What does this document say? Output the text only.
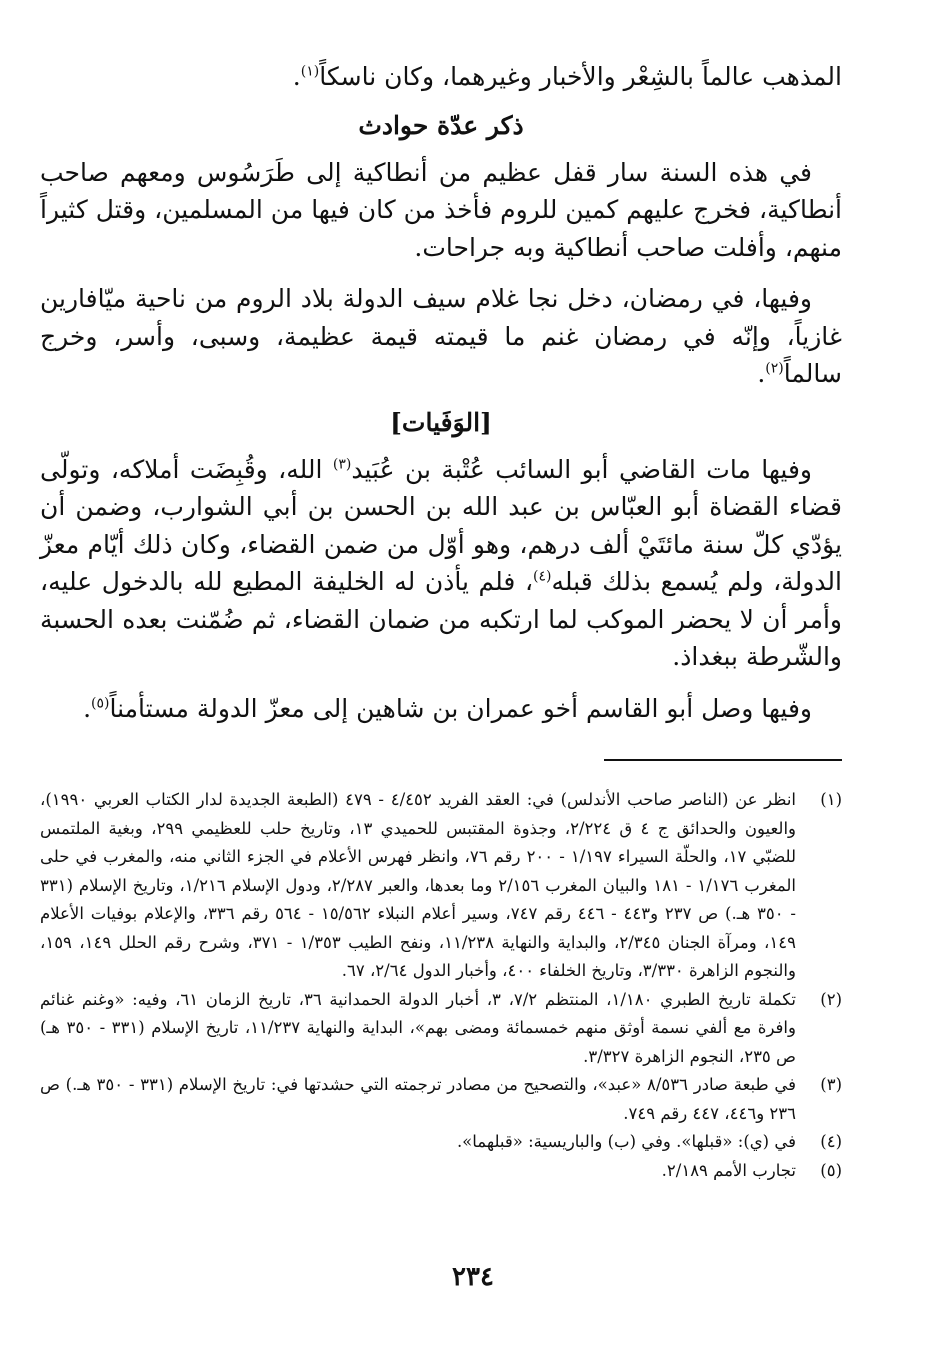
المذهب عالماً بالشِعْر والأخبار وغيرهما، وكان ناسكاً$^{(١)}$.

ذكر عدّة حوادث

في هذه السنة سار قفل عظيم من أنطاكية إلى طَرَسُوس ومعهم صاحب أنطاكية، فخرج عليهم كمين للروم فأخذ من كان فيها من المسلمين، وقتل كثيراً منهم، وأفلت صاحب أنطاكية وبه جراحات.

وفيها، في رمضان، دخل نجا غلام سيف الدولة بلاد الروم من ناحية ميّافارين غازياً، وإنّه في رمضان غنم ما قيمته قيمة عظيمة، وسبى، وأسر، وخرج سالماً$^{(٢)}$.

[الوَفَيات]

وفيها مات القاضي أبو السائب عُتْبة بن عُبَيد$^{(٣)}$ الله، وقُبِضَت أملاكه، وتولّى قضاء القضاة أبو العبّاس بن عبد الله بن الحسن بن أبي الشوارب، وضمن أن يؤدّي كلّ سنة مائتَيْ ألف درهم، وهو أوّل من ضمن القضاء، وكان ذلك أيّام معزّ الدولة، ولم يُسمع بذلك قبله$^{(٤)}$، فلم يأذن له الخليفة المطيع لله بالدخول عليه، وأمر أن لا يحضر الموكب لما ارتكبه من ضمان القضاء، ثم ضُمّنت بعده الحسبة والشّرطة ببغداذ.

وفيها وصل أبو القاسم أخو عمران بن شاهين إلى معزّ الدولة مستأمناً$^{(٥)}$.

(١)
انظر عن (الناصر صاحب الأندلس) في: العقد الفريد ٤/٤٥٢ - ٤٧٩ (الطبعة الجديدة لدار الكتاب العربي ١٩٩٠)، والعيون والحدائق ج ٤ ق ٢/٢٢٤، وجذوة المقتبس للحميدي ١٣، وتاريخ حلب للعظيمي ٢٩٩، وبغية الملتمس للضبّي ١٧، والحلّة السيراء ١/١٩٧ - ٢٠٠ رقم ٧٦، وانظر فهرس الأعلام في الجزء الثاني منه، والمغرب في حلى المغرب ١/١٧٦ - ١٨١ والبيان المغرب ٢/١٥٦ وما بعدها، والعبر ٢/٢٨٧، ودول الإسلام ١/٢١٦، وتاريخ الإسلام (٣٣١ - ٣٥٠ هـ.) ص ٢٣٧ و٤٤٣ - ٤٤٦ رقم ٧٤٧، وسير أعلام النبلاء ١٥/٥٦٢ - ٥٦٤ رقم ٣٣٦، والإعلام بوفيات الأعلام ١٤٩، ومرآة الجنان ٢/٣٤٥، والبداية والنهاية ١١/٢٣٨، ونفح الطيب ١/٣٥٣ - ٣٧١، وشرح رقم الحلل ١٤٩، ١٥٩، والنجوم الزاهرة ٣/٣٣٠، وتاريخ الخلفاء ٤٠٠، وأخبار الدول ٢/٦٤، ٦٧.
(٢)
تكملة تاريخ الطبري ١/١٨٠، المنتظم ٧/٢، ٣، أخبار الدولة الحمدانية ٣٦، تاريخ الزمان ٦١، وفيه: «وغنم غنائم وافرة مع ألفي نسمة أوثق منهم خمسمائة ومضى بهم»، البداية والنهاية ١١/٢٣٧، تاريخ الإسلام (٣٣١ - ٣٥٠ هـ) ص ٢٣٥، النجوم الزاهرة ٣/٣٢٧.
(٣)
في طبعة صادر ٨/٥٣٦ «عبد»، والتصحيح من مصادر ترجمته التي حشدتها في: تاريخ الإسلام (٣٣١ - ٣٥٠ هـ.) ص ٢٣٦ و٤٤٦، ٤٤٧ رقم ٧٤٩.
(٤)
في (ي): «قبلها». وفي (ب) والباريسية: «قبلهما».
(٥)
تجارب الأمم ٢/١٨٩.
٢٣٤
